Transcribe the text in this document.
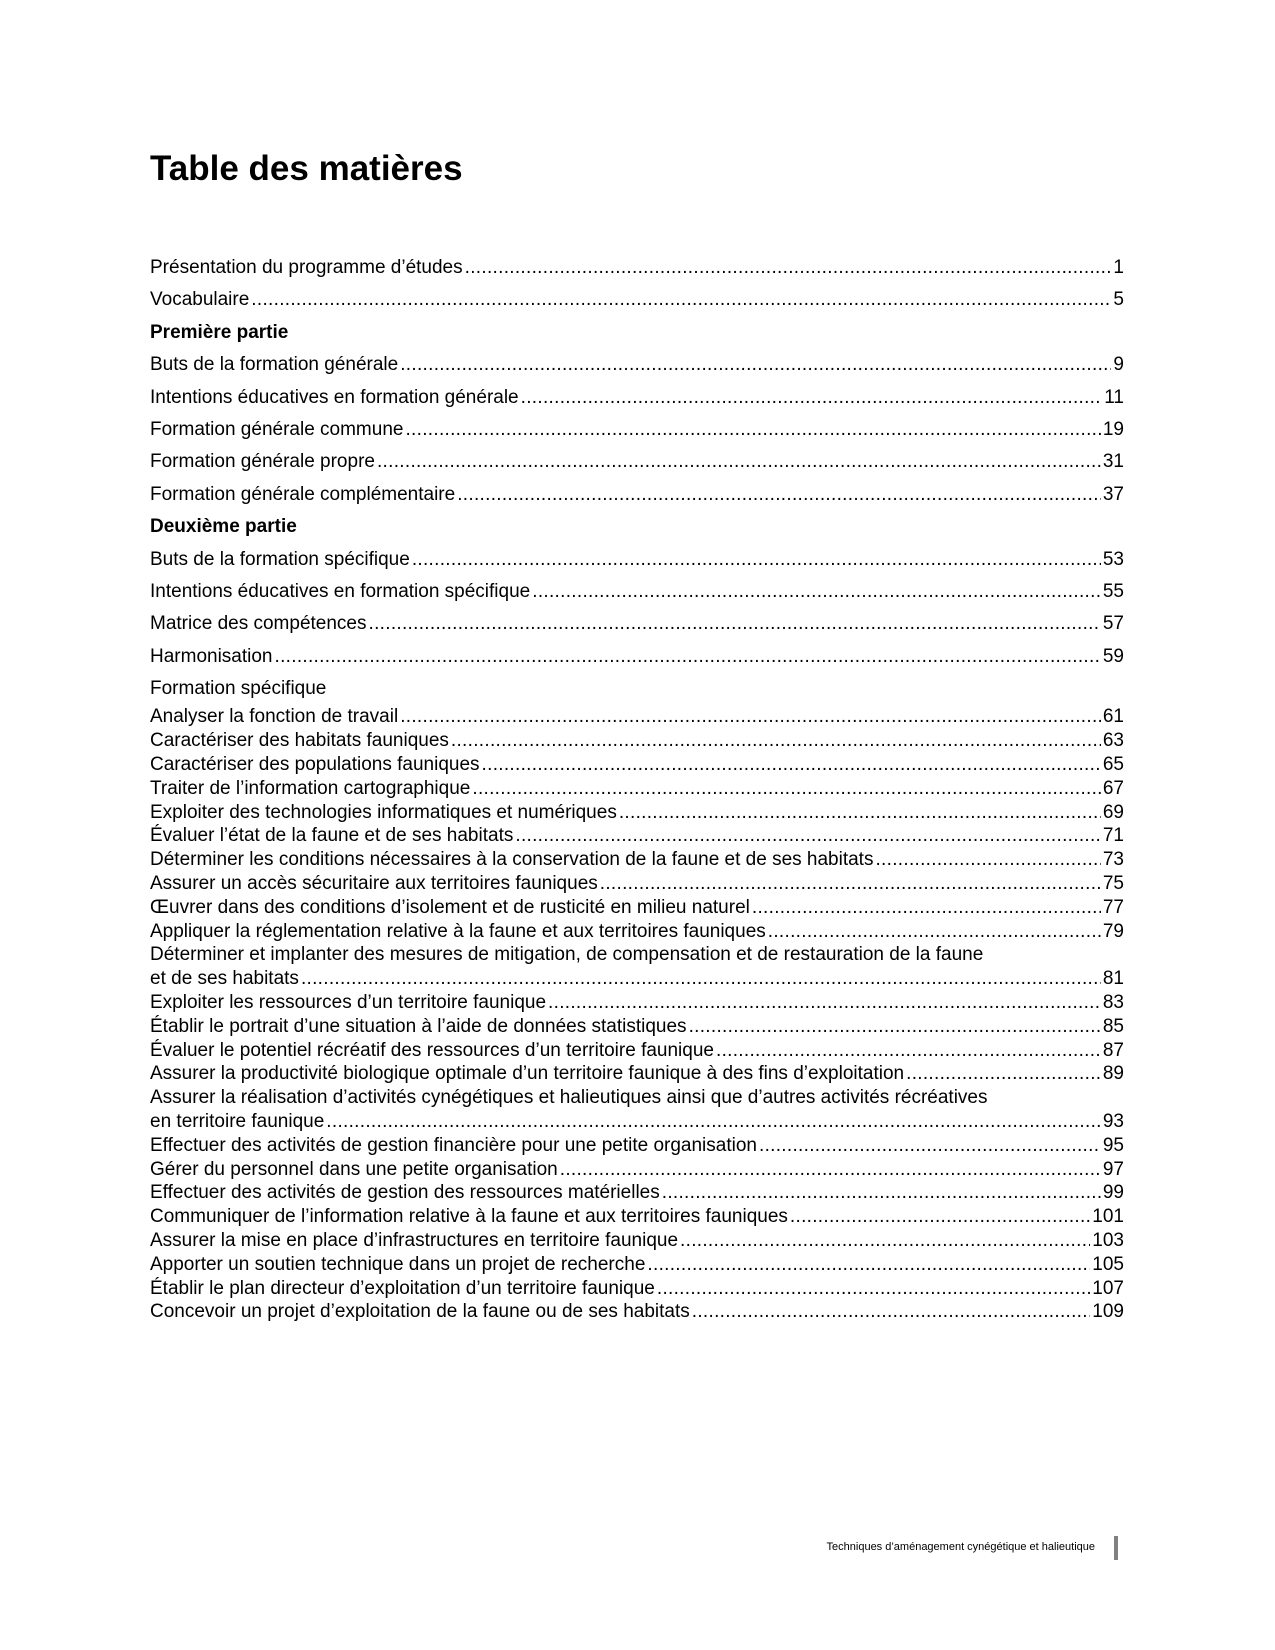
Table des matières
Présentation du programme d’études .....	1
Vocabulaire .....	5
Première partie
Buts de la formation générale .....	9
Intentions éducatives en formation générale .....	11
Formation générale commune .....	19
Formation générale propre .....	31
Formation générale complémentaire .....	37
Deuxième partie
Buts de la formation spécifique .....	53
Intentions éducatives en formation spécifique .....	55
Matrice des compétences .....	57
Harmonisation .....	59
Formation spécifique
Analyser la fonction de travail .....	61
Caractériser des habitats fauniques .....	63
Caractériser des populations fauniques .....	65
Traiter de l’information cartographique .....	67
Exploiter des technologies informatiques et numériques .....	69
Évaluer l’état de la faune et de ses habitats .....	71
Déterminer les conditions nécessaires à la conservation de la faune et de ses habitats .....	73
Assurer un accès sécuritaire aux territoires fauniques .....	75
Œuvrer dans des conditions d’isolement et de rusticité en milieu naturel .....	77
Appliquer la réglementation relative à la faune et aux territoires fauniques .....	79
Déterminer et implanter des mesures de mitigation, de compensation et de restauration de la faune
et de ses habitats .....	81
Exploiter les ressources d’un territoire faunique .....	83
Établir le portrait d’une situation à l’aide de données statistiques .....	85
Évaluer le potentiel récréatif des ressources d’un territoire faunique .....	87
Assurer la productivité biologique optimale d’un territoire faunique à des fins d’exploitation .....	89
Assurer la réalisation d’activités cynégétiques et halieutiques ainsi que d’autres activités récréatives
en territoire faunique .....	93
Effectuer des activités de gestion financière pour une petite organisation .....	95
Gérer du personnel dans une petite organisation .....	97
Effectuer des activités de gestion des ressources matérielles .....	99
Communiquer de l’information relative à la faune et aux territoires fauniques .....	101
Assurer la mise en place d’infrastructures en territoire faunique .....	103
Apporter un soutien technique dans un projet de recherche .....	105
Établir le plan directeur d’exploitation d’un territoire faunique .....	107
Concevoir un projet d’exploitation de la faune ou de ses habitats .....	109
Techniques d’aménagement cynégétique et halieutique
